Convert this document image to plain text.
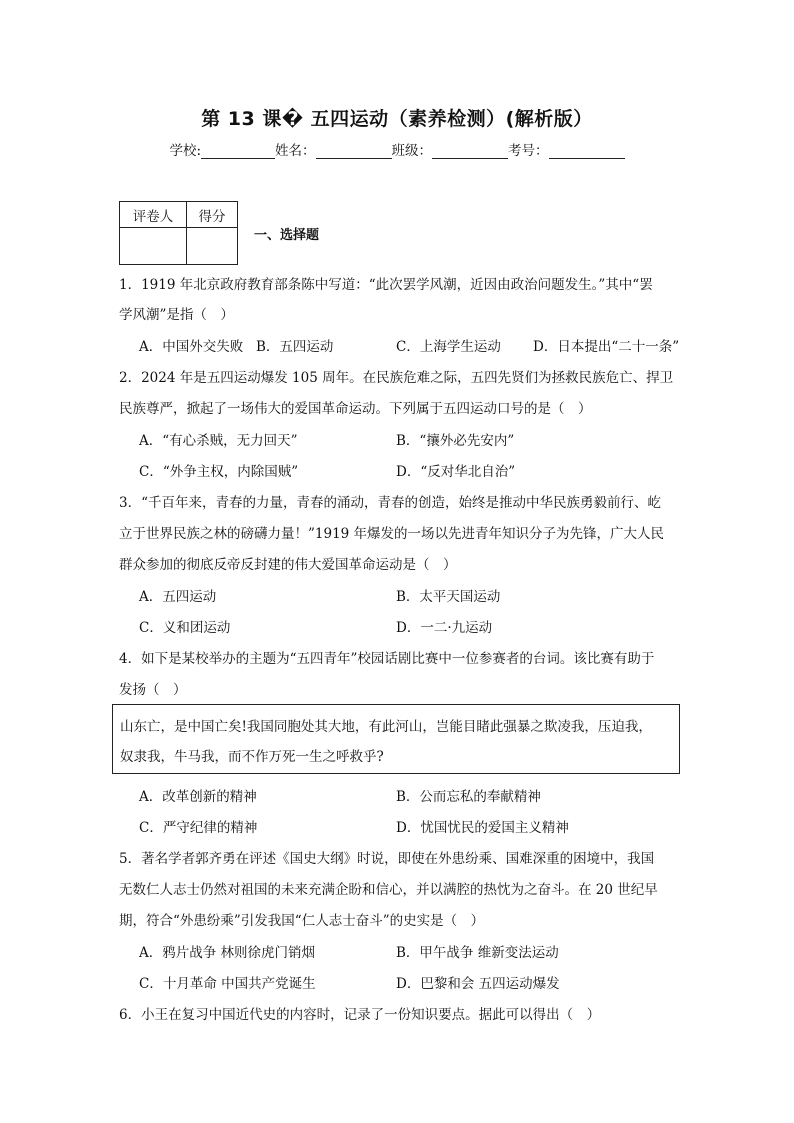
第 13 课� 五四运动（素养检测）(解析版）
学校:	姓名：	班级：	考号：
评卷人	得分

一、选择题
1．1919 年北京政府教育部条陈中写道：“此次罢学风潮，近因由政治问题发生。”其中“罢
学风潮”是指（　）
A．中国外交失败 B．五四运动	C．上海学生运动 D．日本提出“二十一条”
2．2024 年是五四运动爆发 105 周年。在民族危难之际，五四先贤们为拯救民族危亡、捍卫
民族尊严，掀起了一场伟大的爱国革命运动。下列属于五四运动口号的是（　）
A．“有心杀贼，无力回天”	B．“攘外必先安内”
C．“外争主权，内除国贼”	D．“反对华北自治”
3．“千百年来，青春的力量，青春的涌动，青春的创造，始终是推动中华民族勇毅前行、屹
立于世界民族之林的磅礴力量！”1919 年爆发的一场以先进青年知识分子为先锋，广大人民
群众参加的彻底反帝反封建的伟大爱国革命运动是（　）
A．五四运动	B．太平天国运动
C．义和团运动	D．一二·九运动
4．如下是某校举办的主题为“五四青年”校园话剧比赛中一位参赛者的台词。该比赛有助于
发扬（　）
山东亡，是中国亡矣!我国同胞处其大地，有此河山，岂能目睹此强暴之欺凌我，压迫我，
奴隶我，牛马我，而不作万死一生之呼救乎?
A．改革创新的精神	B．公而忘私的奉献精神
C．严守纪律的精神	D．忧国忧民的爱国主义精神
5．著名学者郭齐勇在评述《国史大纲》时说，即使在外患纷乘、国难深重的困境中，我国
无数仁人志士仍然对祖国的未来充满企盼和信心，并以满腔的热忱为之奋斗。在 20 世纪早
期，符合“外患纷乘”引发我国“仁人志士奋斗”的史实是（　）
A．鸦片战争 林则徐虎门销烟	B．甲午战争 维新变法运动
C．十月革命 中国共产党诞生	D．巴黎和会 五四运动爆发
6．小王在复习中国近代史的内容时，记录了一份知识要点。据此可以得出（　）
